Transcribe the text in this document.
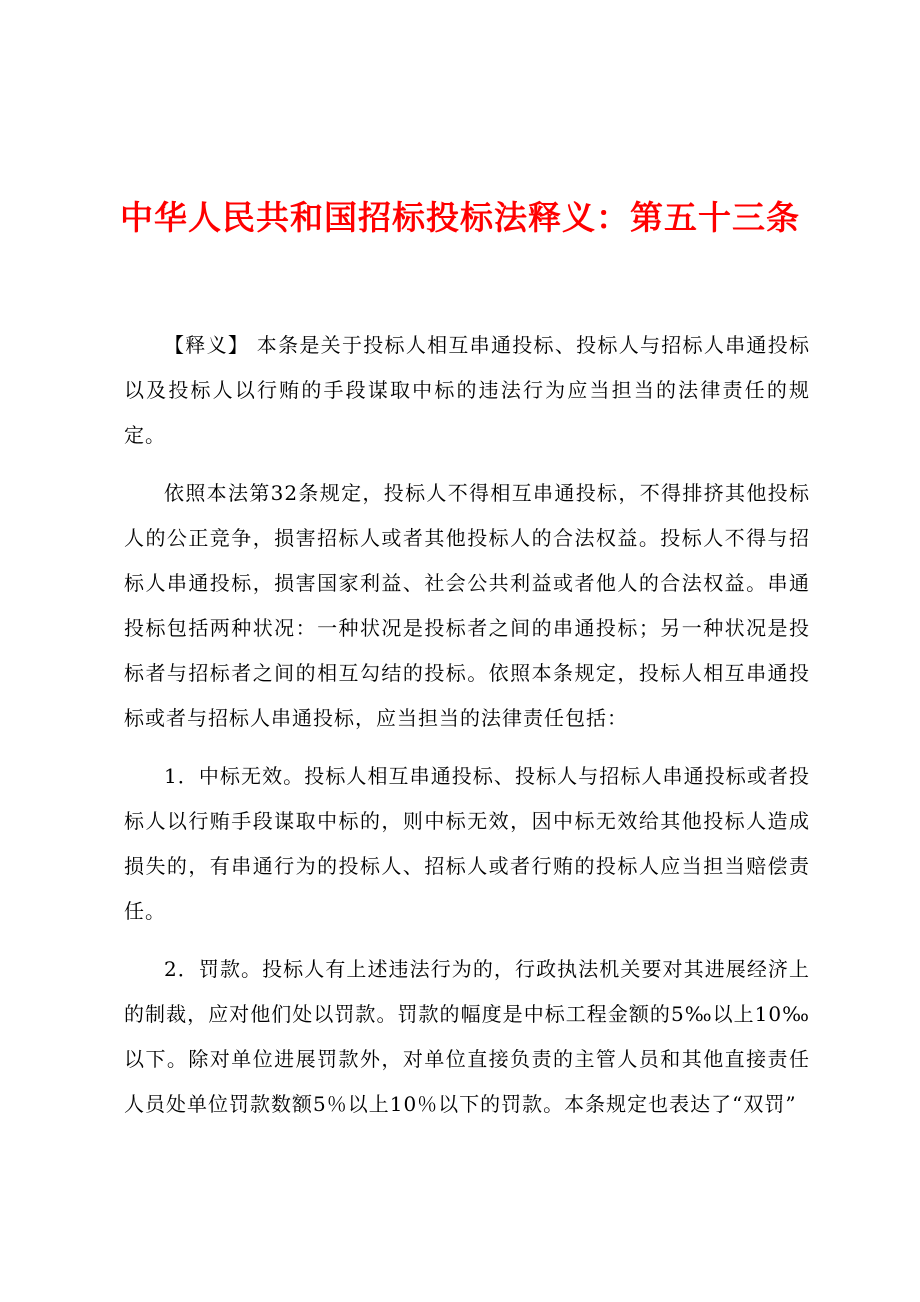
中华人民共和国招标投标法释义：第五十三条

【释义】 本条是关于投标人相互串通投标、投标人与招标人串通投标以及投标人以行贿的手段谋取中标的违法行为应当担当的法律责任的规定。

依照本法第32条规定，投标人不得相互串通投标，不得排挤其他投标人的公正竞争，损害招标人或者其他投标人的合法权益。投标人不得与招标人串通投标，损害国家利益、社会公共利益或者他人的合法权益。串通投标包括两种状况：一种状况是投标者之间的串通投标；另一种状况是投标者与招标者之间的相互勾结的投标。依照本条规定，投标人相互串通投标或者与招标人串通投标，应当担当的法律责任包括：

1．中标无效。投标人相互串通投标、投标人与招标人串通投标或者投标人以行贿手段谋取中标的，则中标无效，因中标无效给其他投标人造成损失的，有串通行为的投标人、招标人或者行贿的投标人应当担当赔偿责任。

2．罚款。投标人有上述违法行为的，行政执法机关要对其进展经济上的制裁，应对他们处以罚款。罚款的幅度是中标工程金额的5‰以上10‰以下。除对单位进展罚款外，对单位直接负责的主管人员和其他直接责任人员处单位罚款数额5％以上10％以下的罚款。本条规定也表达了“双罚”
